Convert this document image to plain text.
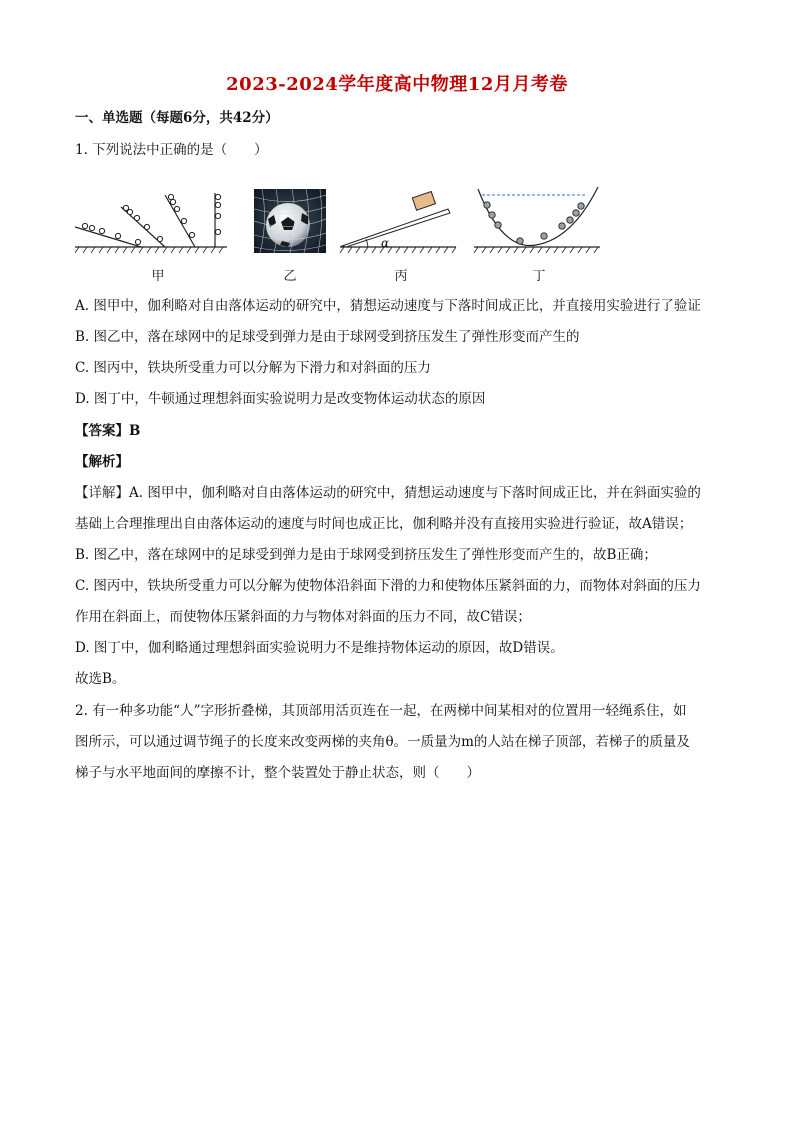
2023-2024学年度高中物理12月月考卷
一、单选题（每题6分，共42分）
1. 下列说法中正确的是（　　）
甲	乙
α
丙	丁
A. 图甲中，伽利略对自由落体运动的研究中，猜想运动速度与下落时间成正比，并直接用实验进行了验证
B. 图乙中，落在球网中的足球受到弹力是由于球网受到挤压发生了弹性形变而产生的
C. 图丙中，铁块所受重力可以分解为下滑力和对斜面的压力
D. 图丁中，牛顿通过理想斜面实验说明力是改变物体运动状态的原因
【答案】B
【解析】
【详解】A. 图甲中，伽利略对自由落体运动的研究中，猜想运动速度与下落时间成正比，并在斜面实验的
基础上合理推理出自由落体运动的速度与时间也成正比，伽利略并没有直接用实验进行验证，故A错误；
B. 图乙中，落在球网中的足球受到弹力是由于球网受到挤压发生了弹性形变而产生的，故B正确；
C. 图丙中，铁块所受重力可以分解为使物体沿斜面下滑的力和使物体压紧斜面的力，而物体对斜面的压力
作用在斜面上，而使物体压紧斜面的力与物体对斜面的压力不同，故C错误；
D. 图丁中，伽利略通过理想斜面实验说明力不是维持物体运动的原因，故D错误。
故选B。
2. 有一种多功能“人”字形折叠梯，其顶部用活页连在一起，在两梯中间某相对的位置用一轻绳系住，如
图所示，可以通过调节绳子的长度来改变两梯的夹角θ。一质量为m的人站在梯子顶部，若梯子的质量及
梯子与水平地面间的摩擦不计，整个装置处于静止状态，则（　　）
